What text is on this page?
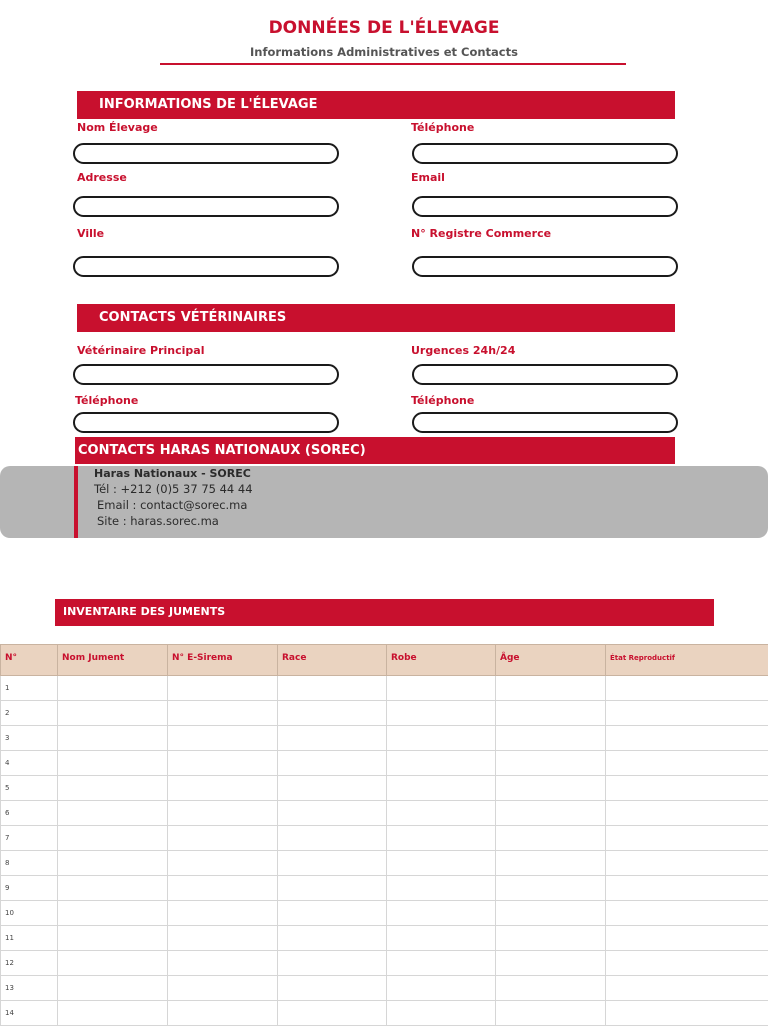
DONNÉES DE L'ÉLEVAGE
Informations Administratives et Contacts
INFORMATIONS DE L'ÉLEVAGE
Nom Élevage	Téléphone
Adresse	Email
Ville	N° Registre Commerce
CONTACTS VÉTÉRINAIRES
Vétérinaire Principal	Urgences 24h/24
Téléphone	Téléphone
CONTACTS HARAS NATIONAUX (SOREC)
Haras Nationaux - SOREC
Tél : +212 (0)5 37 75 44 44
Email : contact@sorec.ma
Site : haras.sorec.ma
INVENTAIRE DES JUMENTS
N°	Nom Jument	N° E-Sirema	Race	Robe	Âge	État Reproductif
1						
2						
3						
4						
5						
6						
7						
8						
9						
10						
11						
12						
13						
14						
